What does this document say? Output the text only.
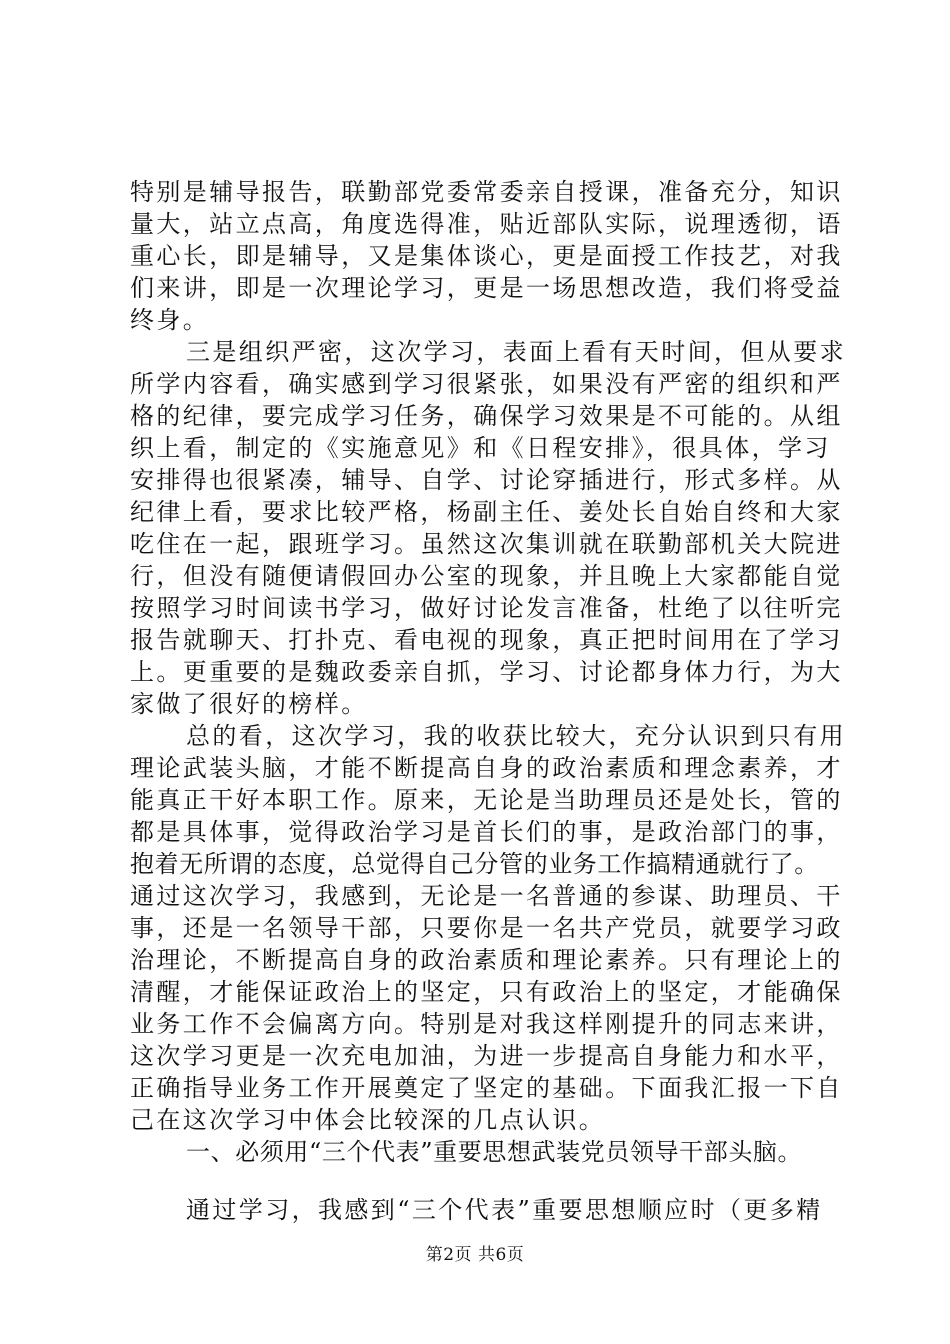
特别是辅导报告，联勤部党委常委亲自授课，准备充分，知识
量大，站立点高，角度选得准，贴近部队实际，说理透彻，语
重心长，即是辅导，又是集体谈心，更是面授工作技艺，对我
们来讲，即是一次理论学习，更是一场思想改造，我们将受益
终身。
三是组织严密，这次学习，表面上看有天时间，但从要求
所学内容看，确实感到学习很紧张，如果没有严密的组织和严
格的纪律，要完成学习任务，确保学习效果是不可能的。从组
织上看，制定的《实施意见》和《日程安排》，很具体，学习
安排得也很紧凑，辅导、自学、讨论穿插进行，形式多样。从
纪律上看，要求比较严格，杨副主任、姜处长自始自终和大家
吃住在一起，跟班学习。虽然这次集训就在联勤部机关大院进
行，但没有随便请假回办公室的现象，并且晚上大家都能自觉
按照学习时间读书学习，做好讨论发言准备，杜绝了以往听完
报告就聊天、打扑克、看电视的现象，真正把时间用在了学习
上。更重要的是魏政委亲自抓，学习、讨论都身体力行，为大
家做了很好的榜样。
总的看，这次学习，我的收获比较大，充分认识到只有用
理论武装头脑，才能不断提高自身的政治素质和理念素养，才
能真正干好本职工作。原来，无论是当助理员还是处长，管的
都是具体事，觉得政治学习是首长们的事，是政治部门的事，
抱着无所谓的态度，总觉得自己分管的业务工作搞精通就行了。
通过这次学习，我感到，无论是一名普通的参谋、助理员、干
事，还是一名领导干部，只要你是一名共产党员，就要学习政
治理论，不断提高自身的政治素质和理论素养。只有理论上的
清醒，才能保证政治上的坚定，只有政治上的坚定，才能确保
业务工作不会偏离方向。特别是对我这样刚提升的同志来讲，
这次学习更是一次充电加油，为进一步提高自身能力和水平，
正确指导业务工作开展奠定了坚定的基础。下面我汇报一下自
己在这次学习中体会比较深的几点认识。
一、必须用“三个代表”重要思想武装党员领导干部头脑。
通过学习，我感到“三个代表”重要思想顺应时（更多精
第2页 共6页
